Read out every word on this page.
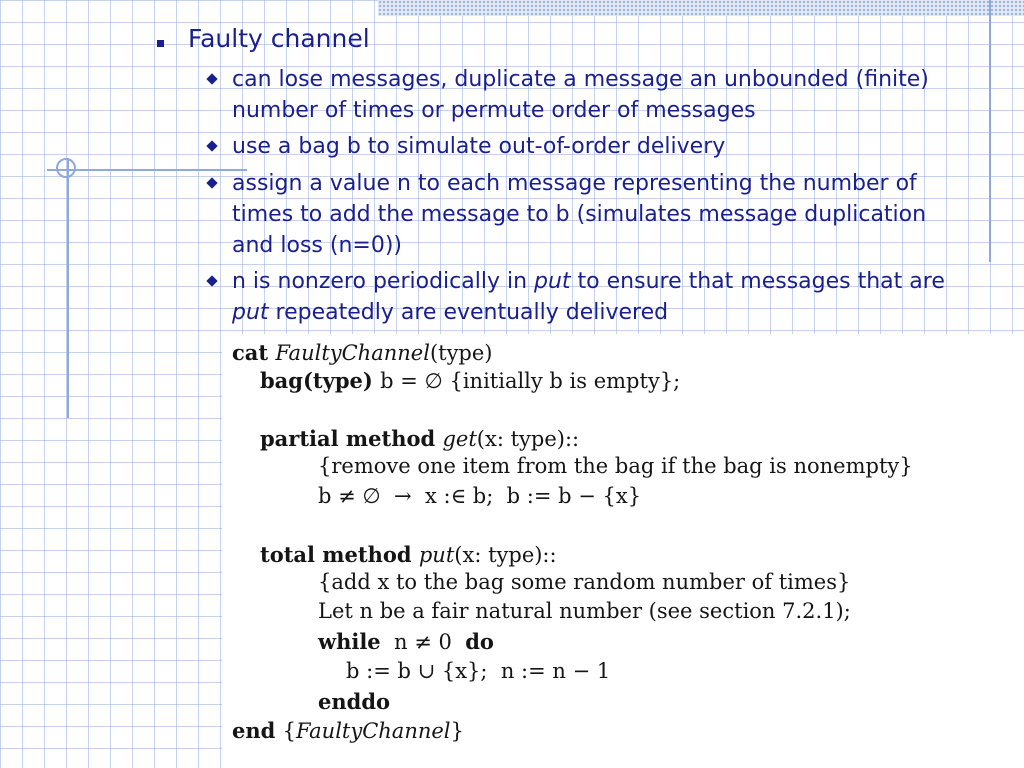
Faulty channel
can lose messages, duplicate a message an unbounded (finite) number of times or permute order of messages
use a bag b to simulate out-of-order delivery
assign a value n to each message representing the number of times to add the message to b (simulates message duplication and loss (n=0))
n is nonzero periodically in put to ensure that messages that are put repeatedly are eventually delivered
cat FaultyChannel(type)
bag(type) b = ∅ {initially b is empty};
partial method get(x: type)::
{remove one item from the bag if the bag is nonempty}
b ≠ ∅  →  x :∈ b;  b := b − {x}
total method put(x: type)::
{add x to the bag some random number of times}
Let n be a fair natural number (see section 7.2.1);
while  n ≠ 0  do
b := b ∪ {x};  n := n − 1
enddo
end {FaultyChannel}
